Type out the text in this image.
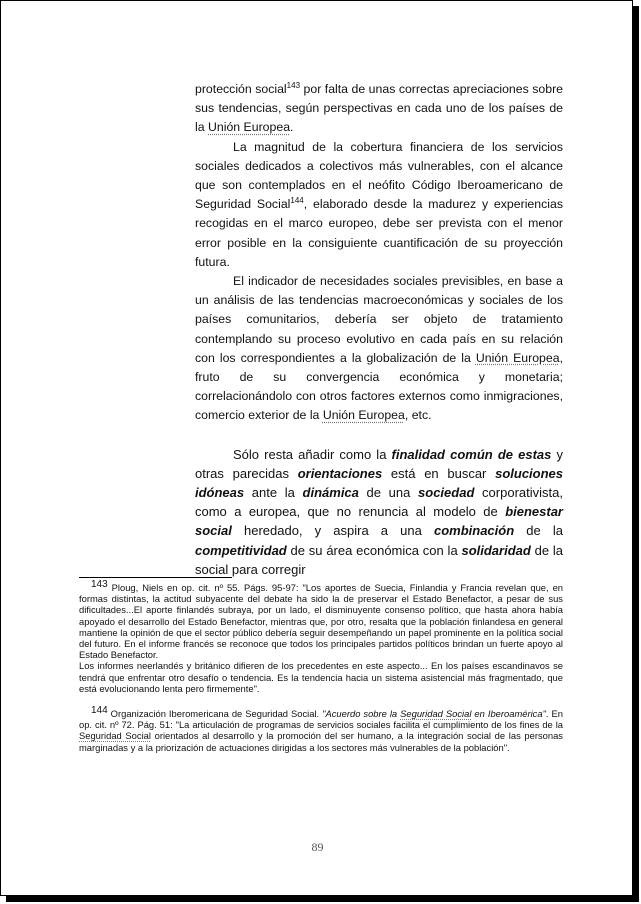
protección social$^{143}$ por falta de unas correctas apreciaciones sobre sus tendencias, según perspectivas en cada uno de los países de la Unión Europea.

La magnitud de la cobertura financiera de los servicios sociales dedicados a colectivos más vulnerables, con el alcance que son contemplados en el neófito Código Iberoamericano de Seguridad Social$^{144}$, elaborado desde la madurez y experiencias recogidas en el marco europeo, debe ser prevista con el menor error posible en la consiguiente cuantificación de su proyección futura.

El indicador de necesidades sociales previsibles, en base a un análisis de las tendencias macroeconómicas y sociales de los países comunitarios, debería ser objeto de tratamiento contemplando su proceso evolutivo en cada país en su relación con los correspondientes a la globalización de la Unión Europea, fruto de su convergencia económica y monetaria; correlacionándolo con otros factores externos como inmigraciones, comercio exterior de la Unión Europea, etc.

Sólo resta añadir como la finalidad común de estas y otras parecidas orientaciones está en buscar soluciones idóneas ante la dinámica de una sociedad corporativista, como a europea, que no renuncia al modelo de bienestar social heredado, y aspira a una combinación de la competitividad de su área económica con la solidaridad de la social para corregir

$^{143}$ Ploug, Niels en op. cit. nº 55. Págs. 95-97: "Los aportes de Suecia, Finlandia y Francia revelan que, en formas distintas, la actitud subyacente del debate ha sido la de preservar el Estado Benefactor, a pesar de sus dificultades...El aporte finlandés subraya, por un lado, el disminuyente consenso político, que hasta ahora había apoyado el desarrollo del Estado Benefactor, mientras que, por otro, resalta que la población finlandesa en general mantiene la opinión de que el sector público debería seguir desempeñando un papel prominente en la política social del futuro. En el informe francés se reconoce que todos los principales partidos políticos brindan un fuerte apoyo al Estado Benefactor.

Los informes neerlandés y británico difieren de los precedentes en este aspecto... En los países escandinavos se tendrá que enfrentar otro desafío o tendencia. Es la tendencia hacia un sistema asistencial más fragmentado, que está evolucionando lenta pero firmemente".

$^{144}$ Organización Iberomericana de Seguridad Social. "Acuerdo sobre la Seguridad Social en Iberoamérica". En op. cit. nº 72. Pág. 51: "La articulación de programas de servicios sociales facilita el cumplimiento de los fines de la Seguridad Social orientados al desarrollo y la promoción del ser humano, a la integración social de las personas marginadas y a la priorización de actuaciones dirigidas a los sectores más vulnerables de la población".

89
